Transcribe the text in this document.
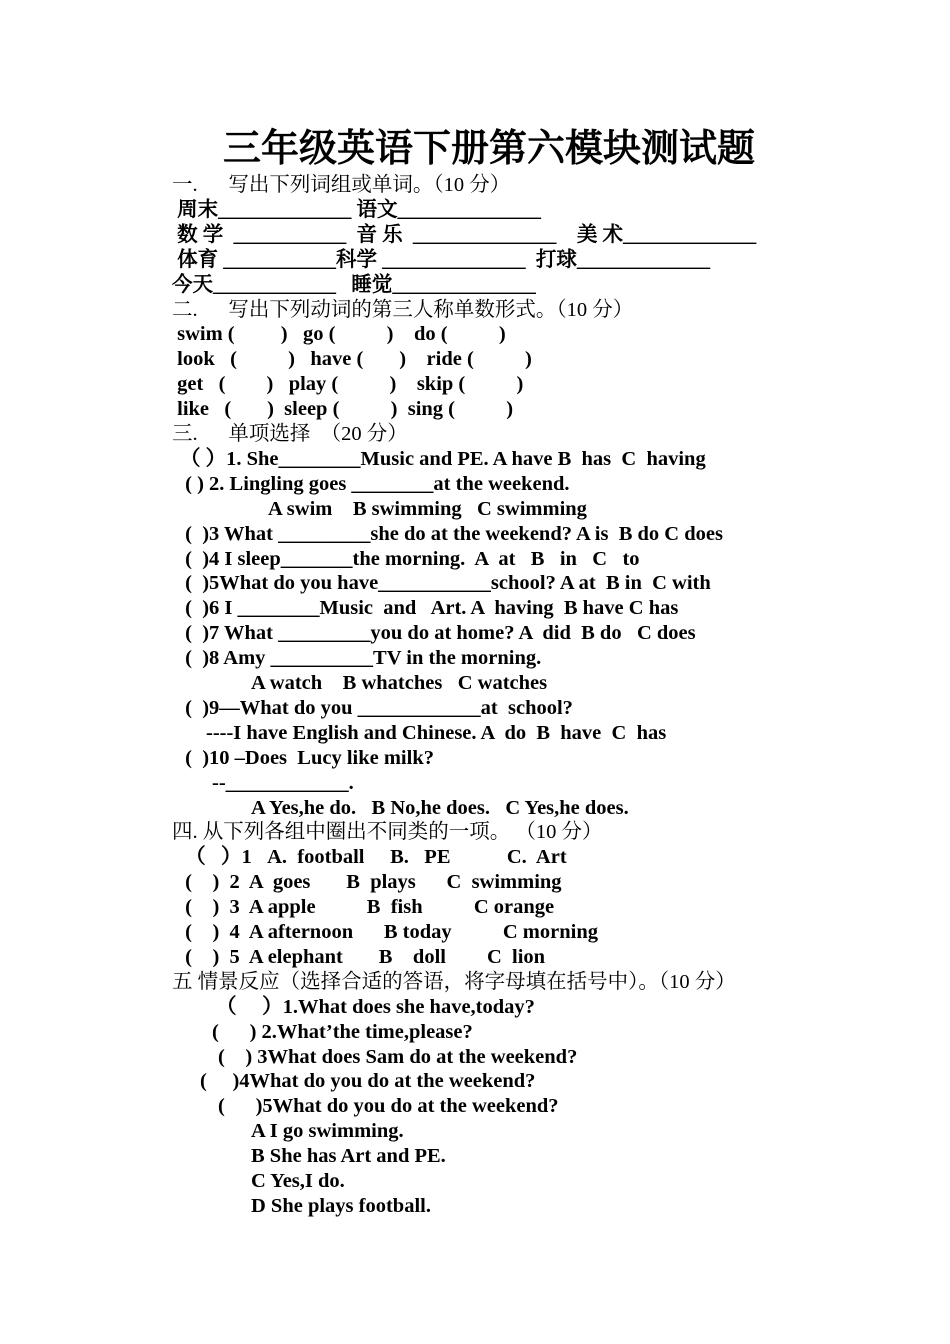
三年级英语下册第六模块测试题
一.      写出下列词组或单词。（10 分）
周末_____________ 语文______________
数 学  ___________  音 乐  ______________    美 术_____________
体育 ___________科学 ______________  打球_____________
今天____________   睡觉______________
二.      写出下列动词的第三人称单数形式。（10 分）
swim (         )   go (          )    do (          )
look   (          )   have (       )    ride (          )
get   (        )   play (          )    skip (          )
like   (       )  sleep (          )  sing (          )
三.      单项选择  （20 分）
（ ）1. She________Music and PE. A have B  has  C  having
( ) 2. Lingling goes ________at the weekend.
A swim    B swimming   C swimming
(  )3 What _________she do at the weekend? A is  B do C does
(  )4 I sleep_______the morning.  A  at   B   in   C   to
(  )5What do you have___________school? A at  B in  C with
(  )6 I ________Music  and   Art. A  having  B have C has
(  )7 What _________you do at home? A  did  B do   C does
(  )8 Amy __________TV in the morning.
A watch    B whatches   C watches
(  )9—What do you ____________at  school?
----I have English and Chinese. A  do  B  have  C  has
(  )10 –Does  Lucy like milk?
--____________.
A Yes,he do.   B No,he does.   C Yes,he does.
四. 从下列各组中圈出不同类的一项。 （10 分）
（   ）1   A.  football     B.   PE           C.  Art
(    )  2  A  goes       B  plays      C  swimming
(    )  3  A apple          B  fish          C orange
(    )  4  A afternoon      B today          C morning
(    )  5  A elephant       B    doll        C  lion
五 情景反应（选择合适的答语，将字母填在括号中）。（10 分）
（     ）1.What does she have,today?
(      ) 2.What’the time,please?
(    ) 3What does Sam do at the weekend?
(     )4What do you do at the weekend?
(      )5What do you do at the weekend?
A I go swimming.
B She has Art and PE.
C Yes,I do.
D She plays football.
